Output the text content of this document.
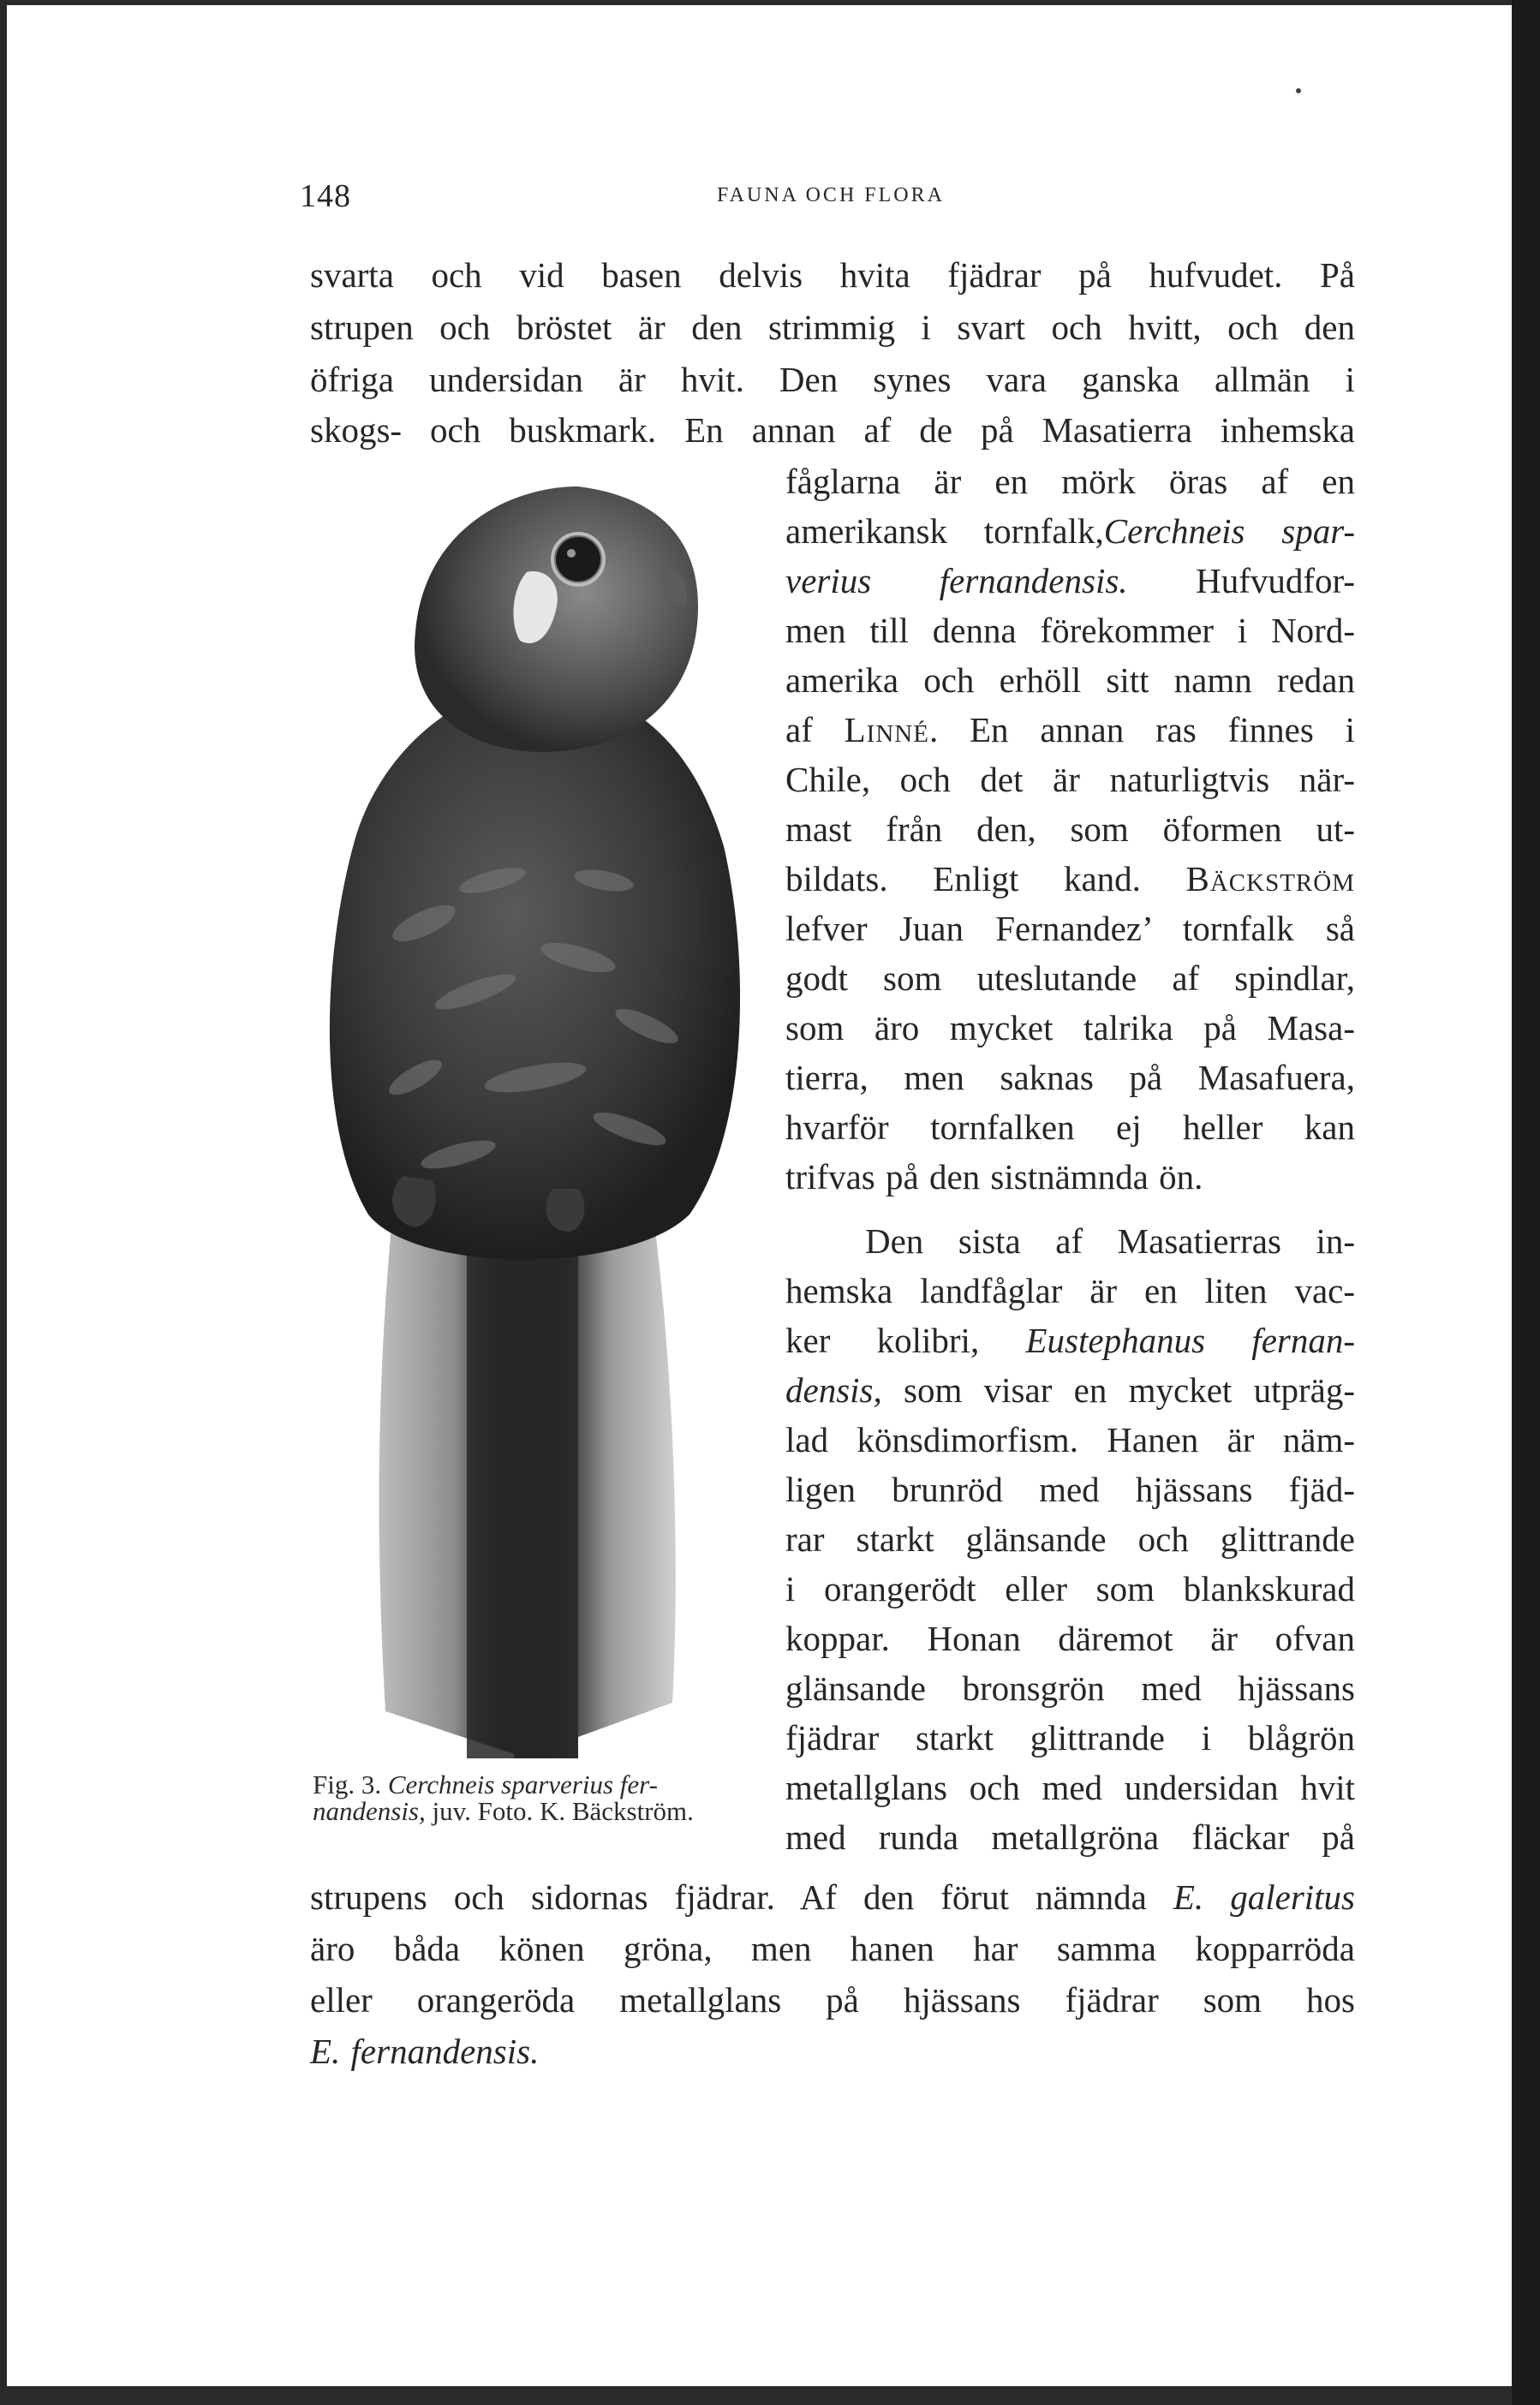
148	FAUNA OCH FLORA
svarta och vid basen delvis hvita fjädrar på hufvudet. På
strupen och bröstet är den strimmig i svart och hvitt, och den
öfriga undersidan är hvit. Den synes vara ganska allmän i
skogs- och buskmark. En annan af de på Masatierra inhemska
fåglarna är en mörk öras af en
amerikansk tornfalk,Cerchneis spar-
verius fernandensis. Hufvudfor-
men till denna förekommer i Nord-
amerika och erhöll sitt namn redan
af Linné. En annan ras finnes i
Chile, och det är naturligtvis när-
mast från den, som öformen ut-
bildats. Enligt kand. Bäckström
lefver Juan Fernandez’ tornfalk så
godt som uteslutande af spindlar,
som äro mycket talrika på Masa-
tierra, men saknas på Masafuera,
hvarför tornfalken ej heller kan
trifvas på den sistnämnda ön.
Den sista af Masatierras in-
hemska landfåglar är en liten vac-
ker kolibri, Eustephanus fernan-
densis, som visar en mycket utpräg-
lad könsdimorfism. Hanen är näm-
ligen brunröd med hjässans fjäd-
rar starkt glänsande och glittrande
i orangerödt eller som blankskurad
koppar. Honan däremot är ofvan
glänsande bronsgrön med hjässans
fjädrar starkt glittrande i blågrön
metallglans och med undersidan hvit
med runda metallgröna fläckar på
strupens och sidornas fjädrar. Af den förut nämnda E. galeritus
äro båda könen gröna, men hanen har samma kopparröda
eller orangeröda metallglans på hjässans fjädrar som hos
E. fernandensis.
Fig. 3. Cerchneis sparverius fer-
nandensis, juv. Foto. K. Bäckström.
